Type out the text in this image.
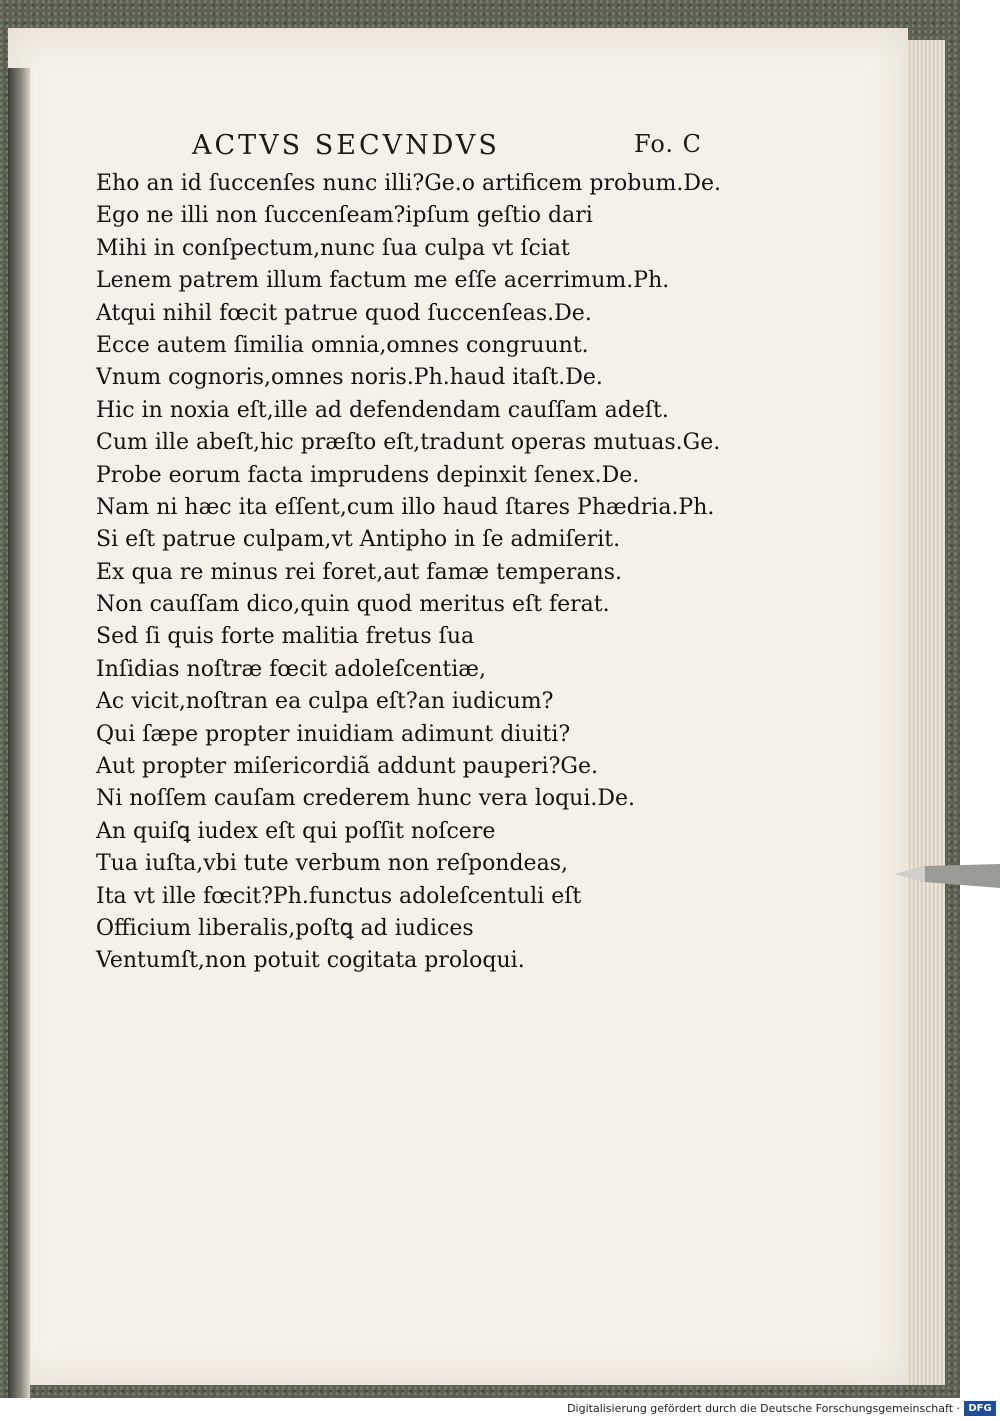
ACTVS SECVNDVS	Fo. C
Eho an id ſuccenſes nunc illi?Ge.o artificem probum.De.
Ego ne illi non ſuccenſeam?ipſum geſtio dari
Mihi in conſpectum,nunc ſua culpa vt ſciat
Lenem patrem illum factum me eſſe acerrimum.Ph.
Atqui nihil fœcit patrue quod ſuccenſeas.De.
Ecce autem ſimilia omnia,omnes congruunt.
Vnum cognoris,omnes noris.Ph.haud itaſt.De.
Hic in noxia eſt,ille ad defendendam cauſſam adeſt.
Cum ille abeſt,hic præſto eſt,tradunt operas mutuas.Ge.
Probe eorum facta imprudens depinxit ſenex.De.
Nam ni hæc ita eſſent,cum illo haud ſtares Phædria.Ph.
Si eſt patrue culpam,vt Antipho in ſe admiſerit.
Ex qua re minus rei foret,aut famæ temperans.
Non cauſſam dico,quin quod meritus eſt ferat.
Sed ſi quis forte malitia fretus ſua
Inſidias noſtræ fœcit adoleſcentiæ,
Ac vicit,noſtran ea culpa eſt?an iudicum?
Qui ſæpe propter inuidiam adimunt diuiti?
Aut propter miſericordiã addunt pauperi?Ge.
Ni noſſem cauſam crederem hunc vera loqui.De.
An quiſꝗ iudex eſt qui poſſit noſcere
Tua iuſta,vbi tute verbum non reſpondeas,
Ita vt ille fœcit?Ph.functus adoleſcentuli eſt
Officium liberalis,poſtꝗ ad iudices
Ventumſt,non potuit cogitata proloqui.
Digitalisierung gefördert durch die Deutsche Forschungsgemeinschaft · DFG
